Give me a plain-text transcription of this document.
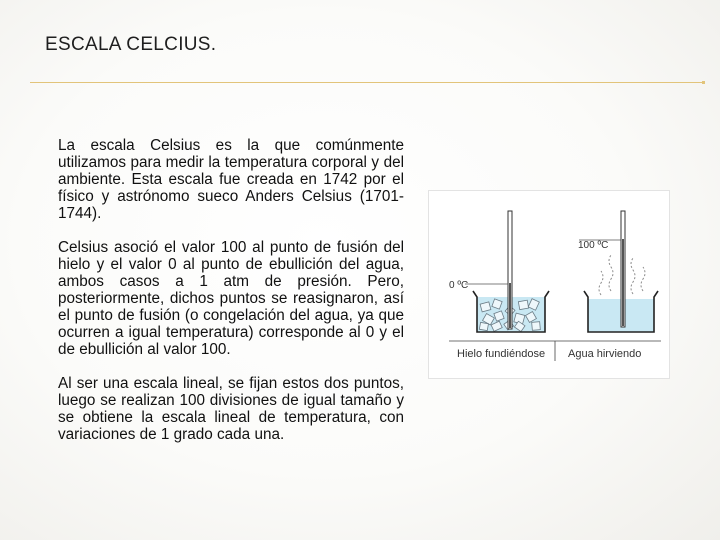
ESCALA CELCIUS.

La escala Celsius es la que comúnmente utilizamos para medir la temperatura corporal y del ambiente. Esta escala fue creada en 1742 por el físico y astrónomo sueco Anders Celsius (1701-1744).

Celsius asoció el valor 100 al punto de fusión del hielo y el valor 0 al punto de ebullición del agua, ambos casos a 1 atm de presión. Pero, posteriormente, dichos puntos se reasignaron, así el punto de fusión (o congelación del agua, ya que ocurren a igual temperatura) corresponde al 0 y el de ebullición al valor 100.

Al ser una escala lineal, se fijan estos dos puntos, luego se realizan 100 divisiones de igual tamaño y se obtiene la escala lineal de temperatura, con variaciones de 1 grado cada una.

0 ºC
100 ºC
Hielo fundiéndose Agua hirviendo
